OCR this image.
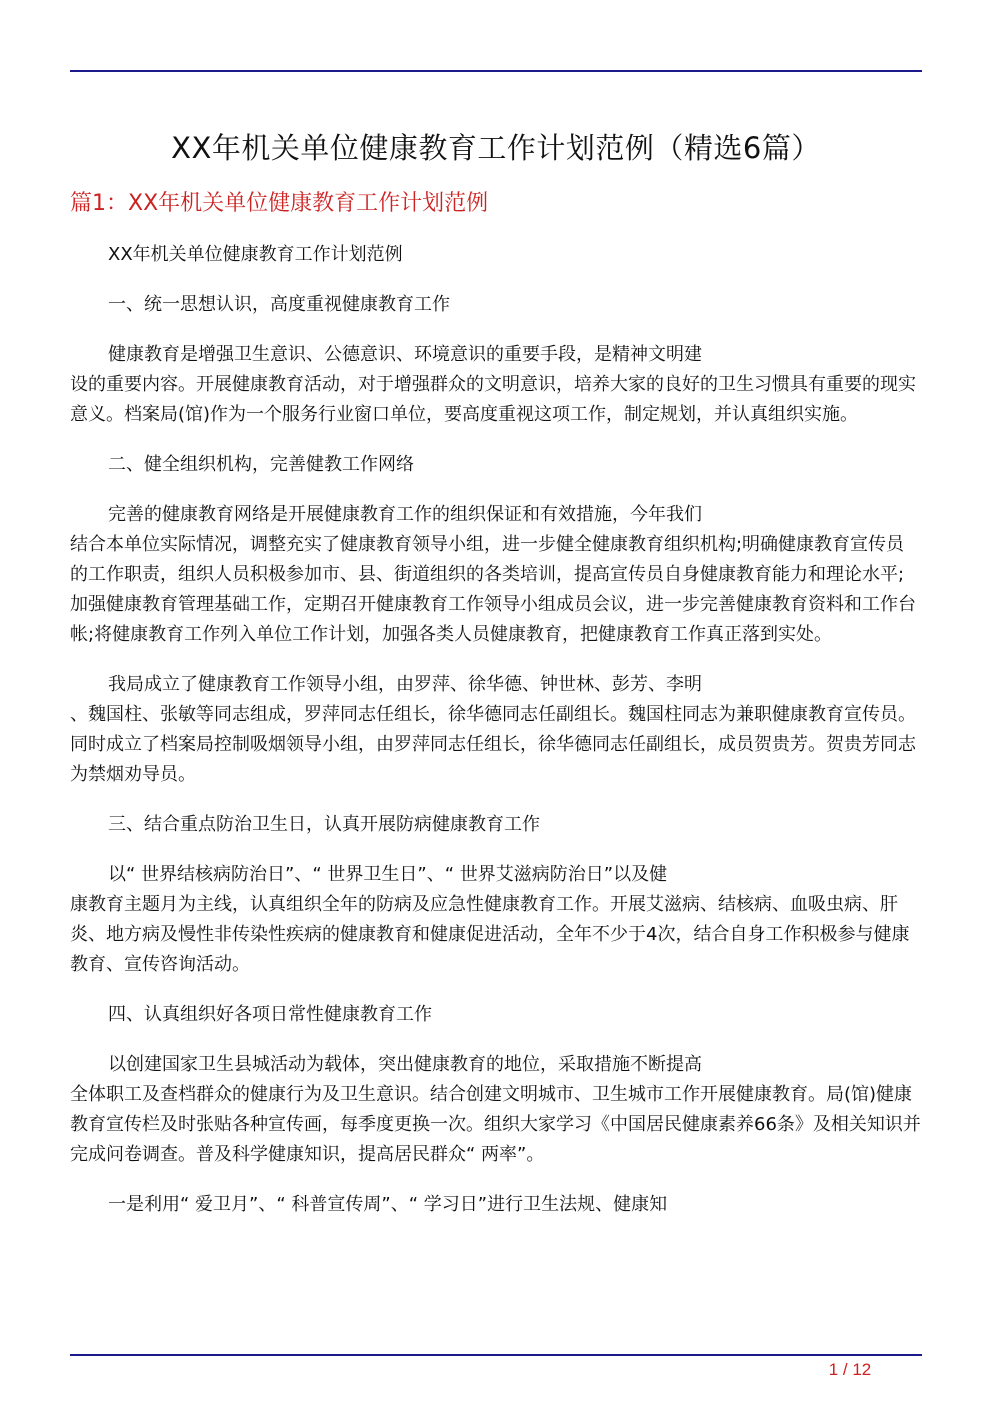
XX年机关单位健康教育工作计划范例（精选6篇）
篇1：XX年机关单位健康教育工作计划范例

XX年机关单位健康教育工作计划范例

一、统一思想认识，高度重视健康教育工作

健康教育是增强卫生意识、公德意识、环境意识的重要手段，是精神文明建
设的重要内容。开展健康教育活动，对于增强群众的文明意识，培养大家的良好的卫生习惯具有重要的现实意义。档案局(馆)作为一个服务行业窗口单位，要高度重视这项工作，制定规划，并认真组织实施。

二、健全组织机构，完善健教工作网络

完善的健康教育网络是开展健康教育工作的组织保证和有效措施，今年我们
结合本单位实际情况，调整充实了健康教育领导小组，进一步健全健康教育组织机构;明确健康教育宣传员的工作职责，组织人员积极参加市、县、街道组织的各类培训，提高宣传员自身健康教育能力和理论水平;加强健康教育管理基础工作，定期召开健康教育工作领导小组成员会议，进一步完善健康教育资料和工作台帐;将健康教育工作列入单位工作计划，加强各类人员健康教育，把健康教育工作真正落到实处。

我局成立了健康教育工作领导小组，由罗萍、徐华德、钟世林、彭芳、李明
、魏国柱、张敏等同志组成，罗萍同志任组长，徐华德同志任副组长。魏国柱同志为兼职健康教育宣传员。同时成立了档案局控制吸烟领导小组，由罗萍同志任组长，徐华德同志任副组长，成员贺贵芳。贺贵芳同志为禁烟劝导员。

三、结合重点防治卫生日，认真开展防病健康教育工作

以“ 世界结核病防治日”、“ 世界卫生日”、“ 世界艾滋病防治日”以及健
康教育主题月为主线，认真组织全年的防病及应急性健康教育工作。开展艾滋病、结核病、血吸虫病、肝炎、地方病及慢性非传染性疾病的健康教育和健康促进活动，全年不少于4次，结合自身工作积极参与健康教育、宣传咨询活动。

四、认真组织好各项日常性健康教育工作

以创建国家卫生县城活动为载体，突出健康教育的地位，采取措施不断提高
全体职工及查档群众的健康行为及卫生意识。结合创建文明城市、卫生城市工作开展健康教育。局(馆)健康教育宣传栏及时张贴各种宣传画，每季度更换一次。组织大家学习《中国居民健康素养66条》及相关知识并完成问卷调查。普及科学健康知识，提高居民群众“ 两率”。

一是利用“ 爱卫月”、“ 科普宣传周”、“ 学习日”进行卫生法规、健康知

1 / 12
